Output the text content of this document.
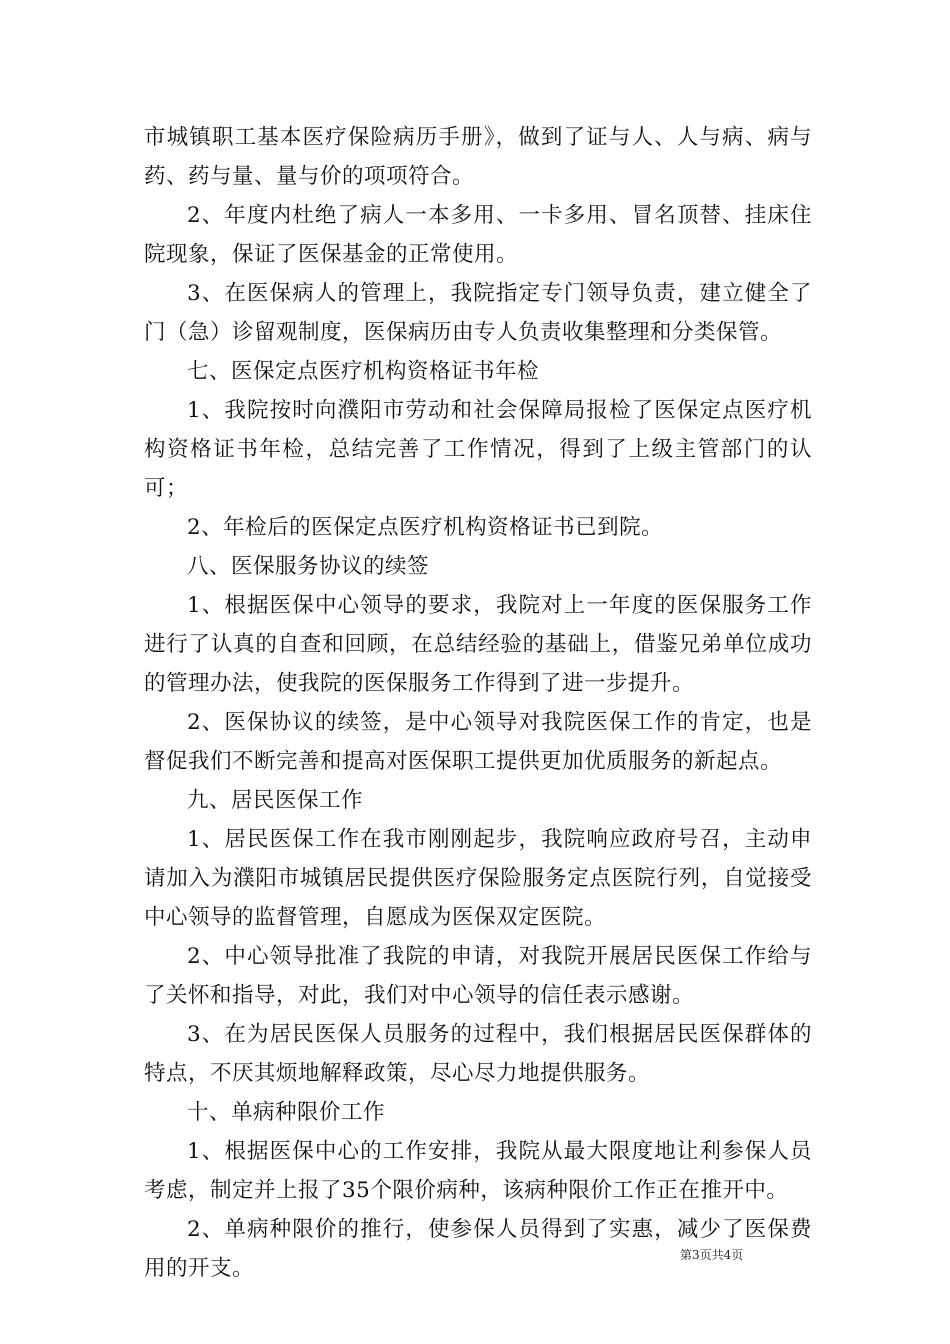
市城镇职工基本医疗保险病历手册》，做到了证与人、人与病、病与药、药与量、量与价的项项符合。

2、年度内杜绝了病人一本多用、一卡多用、冒名顶替、挂床住院现象，保证了医保基金的正常使用。

3、在医保病人的管理上，我院指定专门领导负责，建立健全了门（急）诊留观制度，医保病历由专人负责收集整理和分类保管。

七、医保定点医疗机构资格证书年检

1、我院按时向濮阳市劳动和社会保障局报检了医保定点医疗机构资格证书年检，总结完善了工作情况，得到了上级主管部门的认可；

2、年检后的医保定点医疗机构资格证书已到院。

八、医保服务协议的续签

1、根据医保中心领导的要求，我院对上一年度的医保服务工作进行了认真的自查和回顾，在总结经验的基础上，借鉴兄弟单位成功的管理办法，使我院的医保服务工作得到了进一步提升。

2、医保协议的续签，是中心领导对我院医保工作的肯定，也是督促我们不断完善和提高对医保职工提供更加优质服务的新起点。

九、居民医保工作

1、居民医保工作在我市刚刚起步，我院响应政府号召，主动申请加入为濮阳市城镇居民提供医疗保险服务定点医院行列，自觉接受中心领导的监督管理，自愿成为医保双定医院。

2、中心领导批准了我院的申请，对我院开展居民医保工作给与了关怀和指导，对此，我们对中心领导的信任表示感谢。

3、在为居民医保人员服务的过程中，我们根据居民医保群体的特点，不厌其烦地解释政策，尽心尽力地提供服务。

十、单病种限价工作

1、根据医保中心的工作安排，我院从最大限度地让利参保人员考虑，制定并上报了35个限价病种，该病种限价工作正在推开中。

2、单病种限价的推行，使参保人员得到了实惠，减少了医保费用的开支。

第3页共4页
